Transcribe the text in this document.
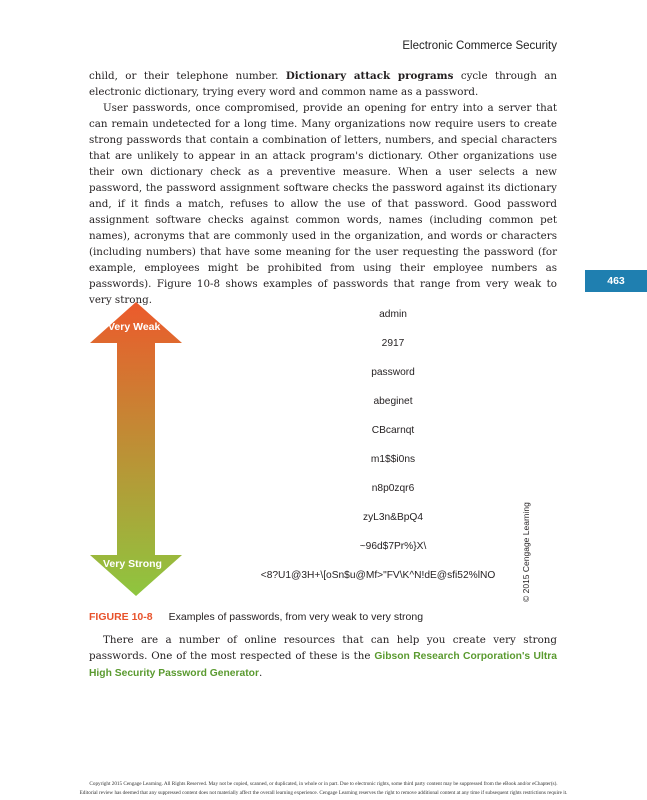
Electronic Commerce Security
463

child, or their telephone number. Dictionary attack programs cycle through an electronic dictionary, trying every word and common name as a password.

User passwords, once compromised, provide an opening for entry into a server that can remain undetected for a long time. Many organizations now require users to create strong passwords that contain a combination of letters, numbers, and special characters that are unlikely to appear in an attack program's dictionary. Other organizations use their own dictionary check as a preventive measure. When a user selects a new password, the password assignment software checks the password against its dictionary and, if it finds a match, refuses to allow the use of that password. Good password assignment software checks against common words, names (including common pet names), acronyms that are commonly used in the organization, and words or characters (including numbers) that have some meaning for the user requesting the password (for example, employees might be prohibited from using their employee numbers as passwords). Figure 10-8 shows examples of passwords that range from very weak to very strong.

Very Weak
Very Strong
admin
2917
password
abeginet
CBcarnqt
m1$$i0ns
n8p0zqr6
zyL3n&BpQ4
~96d$7Pr%}X\
<8?U1@3H+\[oSn$u@Mf>"FV\K^N!dE@sfi52%lNO	© 2015 Cengage Learning
FIGURE 10-8 Examples of passwords, from very weak to very strong

There are a number of online resources that can help you create very strong passwords. One of the most respected of these is the Gibson Research Corporation's Ultra High Security Password Generator.

Copyright 2015 Cengage Learning. All Rights Reserved. May not be copied, scanned, or duplicated, in whole or in part. Due to electronic rights, some third party content may be suppressed from the eBook and/or eChapter(s).
Editorial review has deemed that any suppressed content does not materially affect the overall learning experience. Cengage Learning reserves the right to remove additional content at any time if subsequent rights restrictions require it.
